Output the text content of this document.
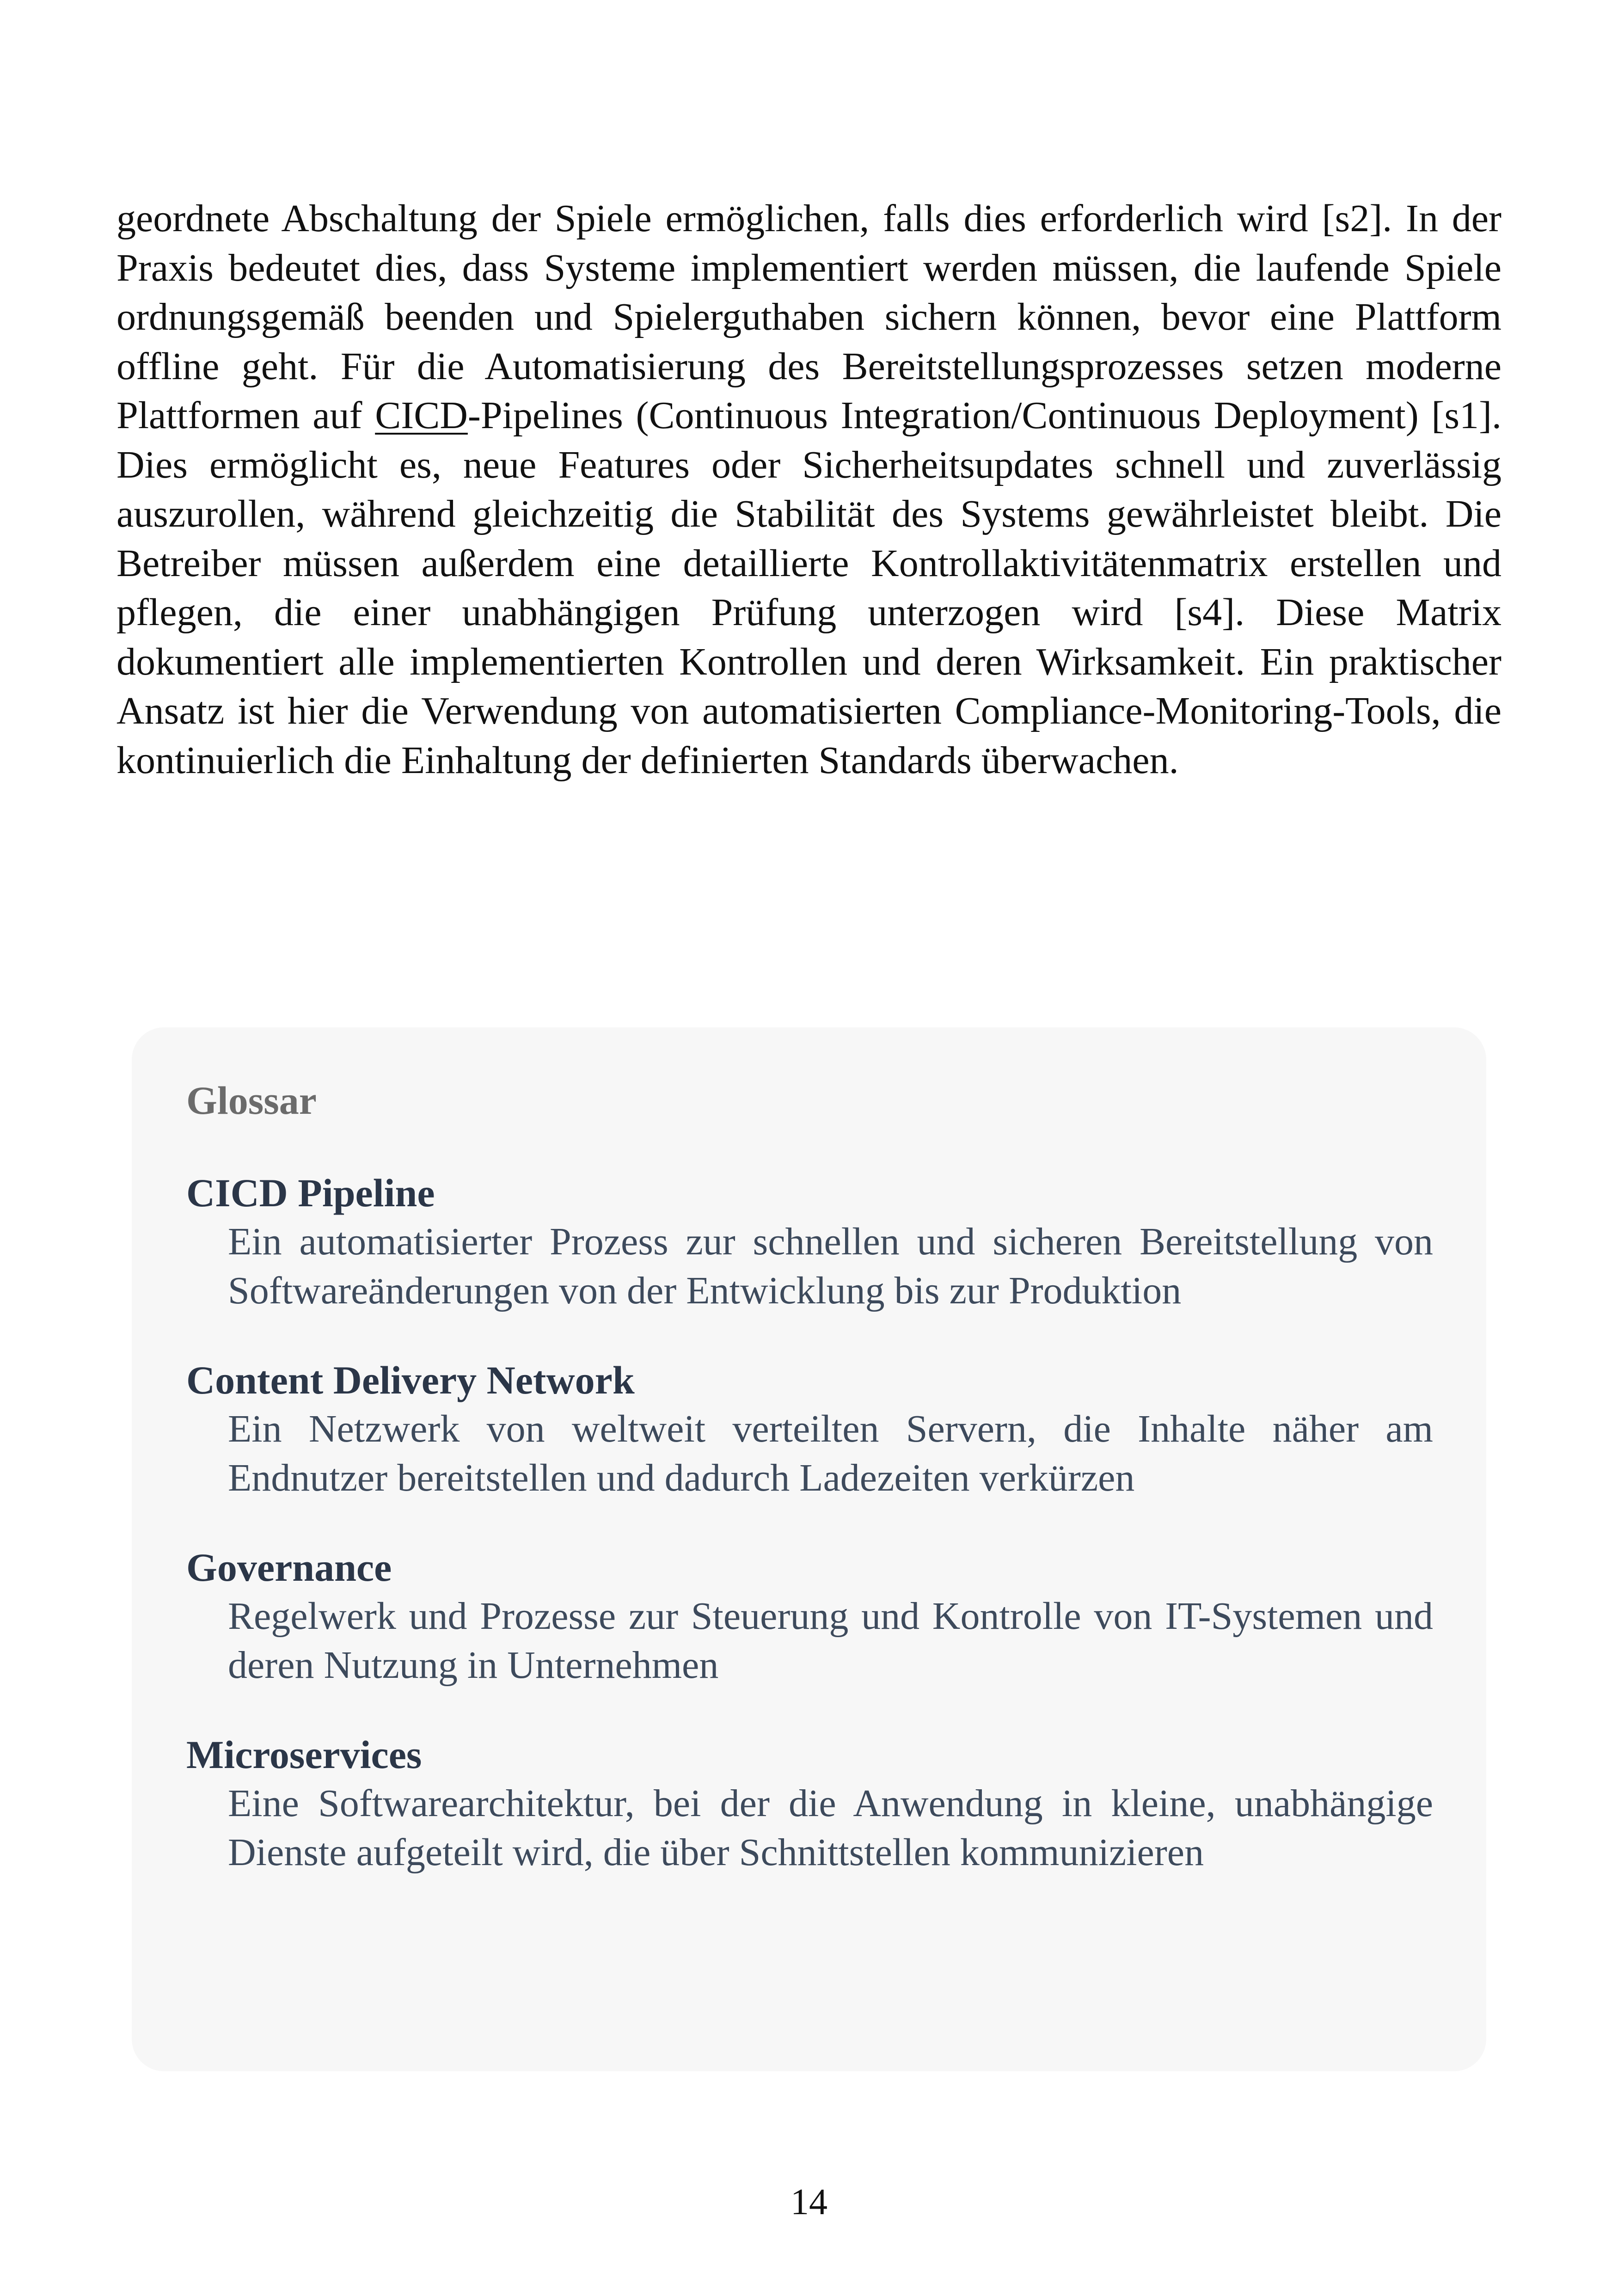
geordnete Abschaltung der Spiele ermöglichen, falls dies erforderlich wird [s2]. In der Praxis bedeutet dies, dass Systeme implementiert werden müssen, die laufende Spiele ordnungsgemäß beenden und Spielerguthaben sichern können, bevor eine Plattform offline geht. Für die Automatisierung des Bereitstellungsprozesses setzen moderne Plattformen auf CICD-Pipelines (Continuous Integration/Continuous Deployment) [s1]. Dies ermöglicht es, neue Features oder Sicherheitsupdates schnell und zuverlässig auszurollen, während gleichzeitig die Stabilität des Systems gewährleistet bleibt. Die Betreiber müssen außerdem eine detaillierte Kontrollaktivitätenmatrix erstellen und pflegen, die einer unabhängigen Prüfung unterzogen wird [s4]. Diese Matrix dokumentiert alle implementierten Kontrollen und deren Wirksamkeit. Ein praktischer Ansatz ist hier die Verwendung von automatisierten Compliance-Monitoring-Tools, die kontinuierlich die Einhaltung der definierten Standards überwachen.

Glossar

CICD Pipeline

Ein automatisierter Prozess zur schnellen und sicheren Bereitstellung von Softwareänderungen von der Entwicklung bis zur Produktion

Content Delivery Network

Ein Netzwerk von weltweit verteilten Servern, die Inhalte näher am Endnutzer bereitstellen und dadurch Ladezeiten verkürzen

Governance

Regelwerk und Prozesse zur Steuerung und Kontrolle von IT-Systemen und deren Nutzung in Unternehmen

Microservices

Eine Softwarearchitektur, bei der die Anwendung in kleine, unabhängige Dienste aufgeteilt wird, die über Schnittstellen kommunizieren

14
